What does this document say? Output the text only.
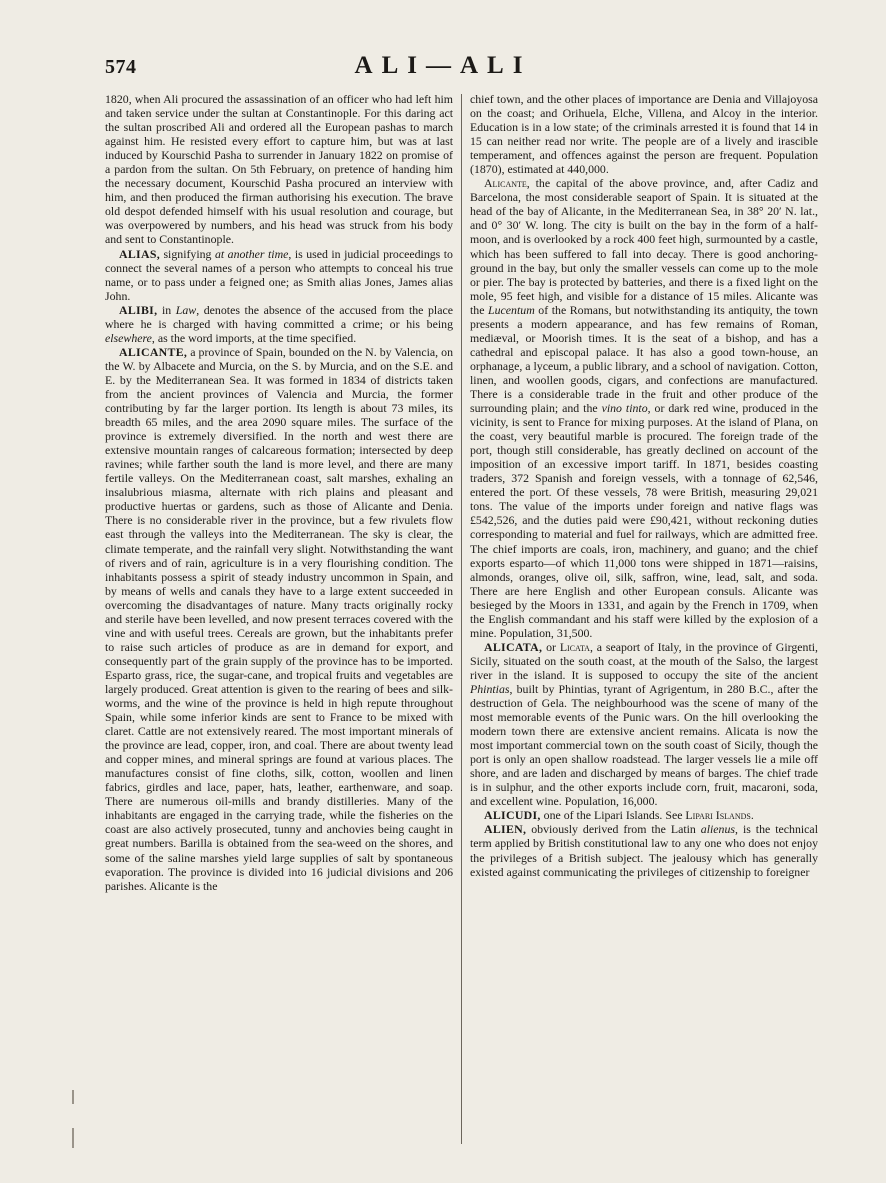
574	ALI—ALI

1820, when Ali procured the assassination of an officer who had left him and taken service under the sultan at Constantinople. For this daring act the sultan proscribed Ali and ordered all the European pashas to march against him. He resisted every effort to capture him, but was at last induced by Kourschid Pasha to surrender in January 1822 on promise of a pardon from the sultan. On 5th February, on pretence of handing him the necessary document, Kourschid Pasha procured an interview with him, and then produced the firman authorising his execution. The brave old despot defended himself with his usual resolution and courage, but was overpowered by numbers, and his head was struck from his body and sent to Constantinople.

ALIAS, signifying at another time, is used in judicial proceedings to connect the several names of a person who attempts to conceal his true name, or to pass under a feigned one; as Smith alias Jones, James alias John.

ALIBI, in Law, denotes the absence of the accused from the place where he is charged with having committed a crime; or his being elsewhere, as the word imports, at the time specified.

ALICANTE, a province of Spain, bounded on the N. by Valencia, on the W. by Albacete and Murcia, on the S. by Murcia, and on the S.E. and E. by the Mediterranean Sea. It was formed in 1834 of districts taken from the ancient provinces of Valencia and Murcia, the former contributing by far the larger portion. Its length is about 73 miles, its breadth 65 miles, and the area 2090 square miles. The surface of the province is extremely diversified. In the north and west there are extensive mountain ranges of calcareous formation; intersected by deep ravines; while farther south the land is more level, and there are many fertile valleys. On the Mediterranean coast, salt marshes, exhaling an insalubrious miasma, alternate with rich plains and pleasant and productive huertas or gardens, such as those of Alicante and Denia. There is no considerable river in the province, but a few rivulets flow east through the valleys into the Mediterranean. The sky is clear, the climate temperate, and the rainfall very slight. Notwithstanding the want of rivers and of rain, agriculture is in a very flourishing condition. The inhabitants possess a spirit of steady industry uncommon in Spain, and by means of wells and canals they have to a large extent succeeded in overcoming the disadvantages of nature. Many tracts originally rocky and sterile have been levelled, and now present terraces covered with the vine and with useful trees. Cereals are grown, but the inhabitants prefer to raise such articles of produce as are in demand for export, and consequently part of the grain supply of the province has to be imported. Esparto grass, rice, the sugar-cane, and tropical fruits and vegetables are largely produced. Great attention is given to the rearing of bees and silk-worms, and the wine of the province is held in high repute throughout Spain, while some inferior kinds are sent to France to be mixed with claret. Cattle are not extensively reared. The most important minerals of the province are lead, copper, iron, and coal. There are about twenty lead and copper mines, and mineral springs are found at various places. The manufactures consist of fine cloths, silk, cotton, woollen and linen fabrics, girdles and lace, paper, hats, leather, earthenware, and soap. There are numerous oil-mills and brandy distilleries. Many of the inhabitants are engaged in the carrying trade, while the fisheries on the coast are also actively prosecuted, tunny and anchovies being caught in great numbers. Barilla is obtained from the sea-weed on the shores, and some of the saline marshes yield large supplies of salt by spontaneous evaporation. The province is divided into 16 judicial divisions and 206 parishes. Alicante is the

chief town, and the other places of importance are Denia and Villajoyosa on the coast; and Orihuela, Elche, Villena, and Alcoy in the interior. Education is in a low state; of the criminals arrested it is found that 14 in 15 can neither read nor write. The people are of a lively and irascible temperament, and offences against the person are frequent. Population (1870), estimated at 440,000.

Alicante, the capital of the above province, and, after Cadiz and Barcelona, the most considerable seaport of Spain. It is situated at the head of the bay of Alicante, in the Mediterranean Sea, in 38° 20′ N. lat., and 0° 30′ W. long. The city is built on the bay in the form of a half-moon, and is overlooked by a rock 400 feet high, surmounted by a castle, which has been suffered to fall into decay. There is good anchoring-ground in the bay, but only the smaller vessels can come up to the mole or pier. The bay is protected by batteries, and there is a fixed light on the mole, 95 feet high, and visible for a distance of 15 miles. Alicante was the Lucentum of the Romans, but notwithstanding its antiquity, the town presents a modern appearance, and has few remains of Roman, mediæval, or Moorish times. It is the seat of a bishop, and has a cathedral and episcopal palace. It has also a good town-house, an orphanage, a lyceum, a public library, and a school of navigation. Cotton, linen, and woollen goods, cigars, and confections are manufactured. There is a considerable trade in the fruit and other produce of the surrounding plain; and the vino tinto, or dark red wine, produced in the vicinity, is sent to France for mixing purposes. At the island of Plana, on the coast, very beautiful marble is procured. The foreign trade of the port, though still considerable, has greatly declined on account of the imposition of an excessive import tariff. In 1871, besides coasting traders, 372 Spanish and foreign vessels, with a tonnage of 62,546, entered the port. Of these vessels, 78 were British, measuring 29,021 tons. The value of the imports under foreign and native flags was £542,526, and the duties paid were £90,421, without reckoning duties corresponding to material and fuel for railways, which are admitted free. The chief imports are coals, iron, machinery, and guano; and the chief exports esparto—of which 11,000 tons were shipped in 1871—raisins, almonds, oranges, olive oil, silk, saffron, wine, lead, salt, and soda. There are here English and other European consuls. Alicante was besieged by the Moors in 1331, and again by the French in 1709, when the English commandant and his staff were killed by the explosion of a mine. Population, 31,500.

ALICATA, or Licata, a seaport of Italy, in the province of Girgenti, Sicily, situated on the south coast, at the mouth of the Salso, the largest river in the island. It is supposed to occupy the site of the ancient Phintias, built by Phintias, tyrant of Agrigentum, in 280 B.C., after the destruction of Gela. The neighbourhood was the scene of many of the most memorable events of the Punic wars. On the hill overlooking the modern town there are extensive ancient remains. Alicata is now the most important commercial town on the south coast of Sicily, though the port is only an open shallow roadstead. The larger vessels lie a mile off shore, and are laden and discharged by means of barges. The chief trade is in sulphur, and the other exports include corn, fruit, macaroni, soda, and excellent wine. Population, 16,000.

ALICUDI, one of the Lipari Islands. See Lipari Islands.

ALIEN, obviously derived from the Latin alienus, is the technical term applied by British constitutional law to any one who does not enjoy the privileges of a British subject. The jealousy which has generally existed against communicating the privileges of citizenship to foreigner
